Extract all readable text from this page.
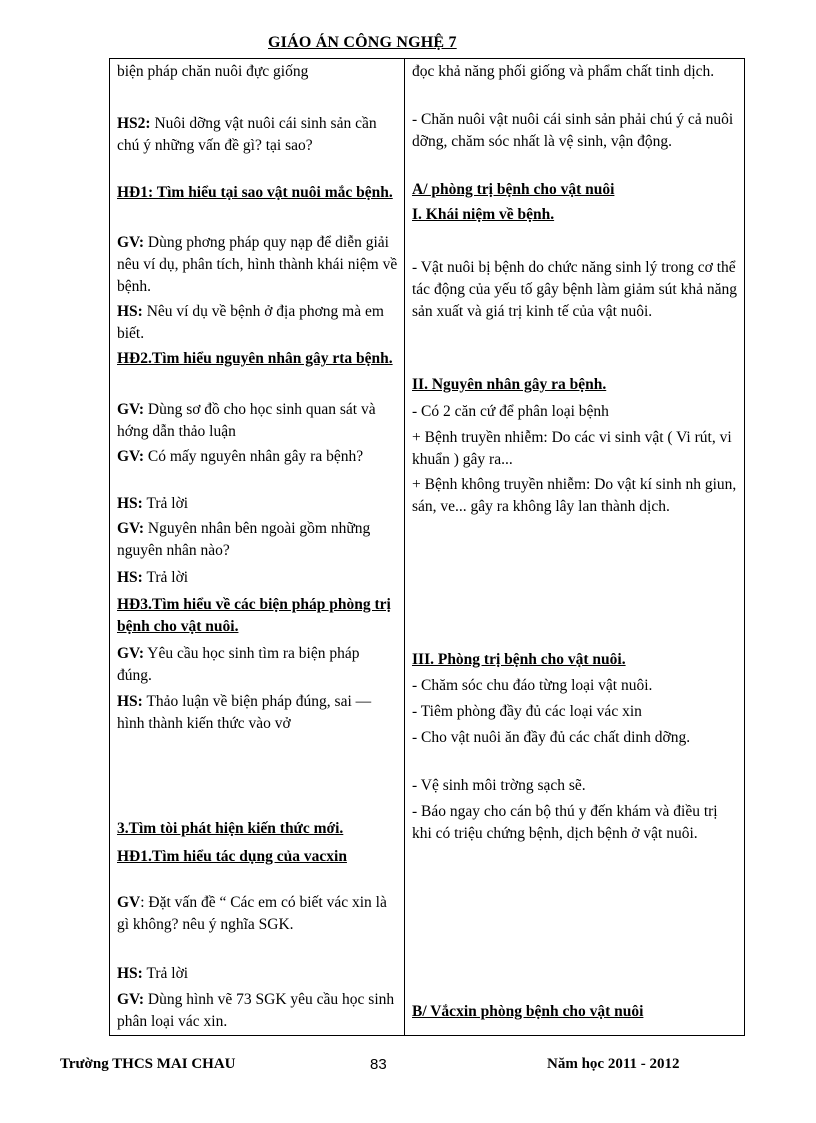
GIÁO ÁN CÔNG NGHỆ 7

biện pháp chăn nuôi đực giống

HS2: Nuôi dỡng vật nuôi cái sinh sản cần chú ý những vấn đề gì? tại sao?

HĐ1: Tìm hiểu tại sao vật nuôi mắc bệnh.

GV: Dùng phơng pháp quy nạp để diễn giải nêu ví dụ, phân tích, hình thành khái niệm về bệnh.

HS: Nêu ví dụ về bệnh ở địa phơng mà em biết.

HĐ2.Tìm hiểu nguyên nhân gây rta bệnh.

GV: Dùng sơ đồ cho học sinh quan sát và hớng dẫn thảo luận

GV: Có mấy nguyên nhân gây ra bệnh?

HS: Trả lời

GV: Nguyên nhân bên ngoài gồm những nguyên nhân nào?

HS: Trả lời

HĐ3.Tìm hiểu về các biện pháp phòng trị bệnh cho vật nuôi.

GV: Yêu cầu học sinh tìm ra biện pháp đúng.

HS: Thảo luận về biện pháp đúng, sai — hình thành kiến thức vào vở

3.Tìm tòi phát hiện kiến thức mới.

HĐ1.Tìm hiểu tác dụng của vacxin

GV: Đặt vấn đề “ Các em có biết vác xin là gì không? nêu ý nghĩa SGK.

HS: Trả lời

GV: Dùng hình vẽ 73 SGK yêu cầu học sinh phân loại vác xin.

đọc khả năng phối giống và phẩm chất tinh dịch.

- Chăn nuôi vật nuôi cái sinh sản phải chú ý cả nuôi dỡng, chăm sóc nhất là vệ sinh, vận động.

A/ phòng trị bệnh cho vật nuôi

I. Khái niệm về bệnh.

- Vật nuôi bị bệnh do chức năng sinh lý trong cơ thể tác động của yếu tố gây bệnh làm giảm sút khả năng sản xuất và giá trị kinh tế của vật nuôi.

II. Nguyên nhân gây ra bệnh.

- Có 2 căn cứ để phân loại bệnh

+ Bệnh truyền nhiễm: Do các vi sinh vật ( Vi rút, vi khuẩn ) gây ra...

+ Bệnh không truyền nhiễm: Do vật kí sinh nh giun, sán, ve... gây ra không lây lan thành dịch.

III. Phòng trị bệnh cho vật nuôi.

- Chăm sóc chu đáo từng loại vật nuôi.

- Tiêm phòng đầy đủ các loại vác xin

- Cho vật nuôi ăn đầy đủ các chất dinh dỡng.

- Vệ sinh môi trờng sạch sẽ.

- Báo ngay cho cán bộ thú y đến khám và điều trị khi có triệu chứng bệnh, dịch bệnh ở vật nuôi.

B/ Vắcxin phòng bệnh cho vật nuôi

Trường THCS MAI CHAU	83	Năm học 2011 - 2012
